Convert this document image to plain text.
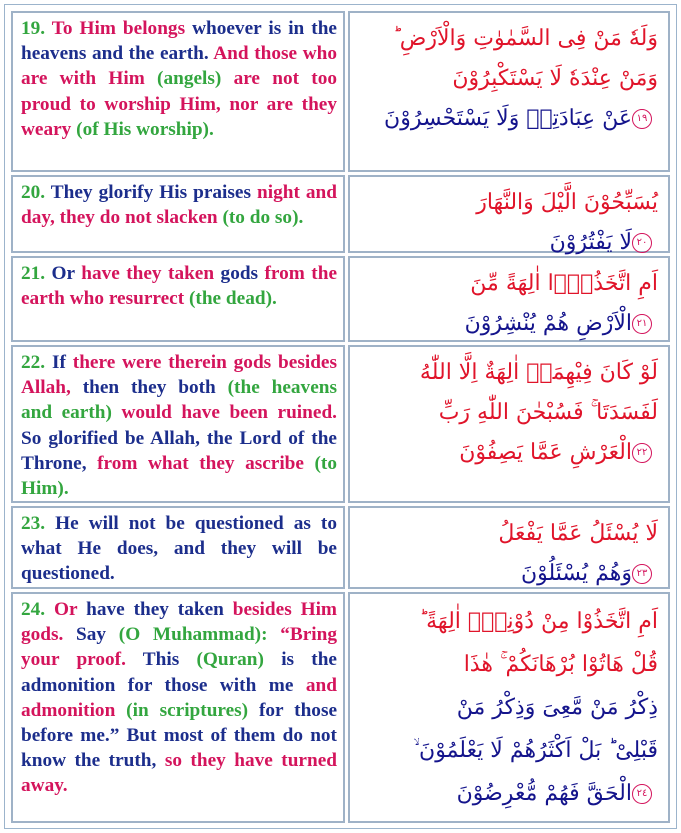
19. To Him belongs whoever is in the heavens and the earth. And those who are with Him (angels) are not too proud to worship Him, nor are they weary (of His worship).
وَلَهٗ مَنْ فِى السَّمٰوٰتِ وَالْاَرْضِ ؕ
وَمَنْ عِنْدَهٗ لَا يَسْتَكْبِرُوْنَ
١٩عَنْ عِبَادَتِهٖ وَلَا يَسْتَحْسِرُوْنَ
20. They glorify His praises night and day, they do not slacken (to do so).
يُسَبِّحُوْنَ الَّيْلَ وَالنَّهَارَ
٢٠لَا يَفْتُرُوْنَ
21. Or have they taken gods from the earth who resurrect (the dead).
اَمِ اتَّخَذُوْۤا اٰلِهَةً مِّنَ
٢١الْاَرْضِ هُمْ يُنْشِرُوْنَ
22. If there were therein gods besides Allah, then they both (the heavens and earth) would have been ruined. So glorified be Allah, the Lord of the Throne, from what they ascribe (to Him).
لَوْ كَانَ فِيْهِمَاۤ اٰلِهَةٌ اِلَّا اللّٰهُ
لَفَسَدَتَا ۚ فَسُبْحٰنَ اللّٰهِ رَبِّ
٢٢الْعَرْشِ عَمَّا يَصِفُوْنَ
23. He will not be questioned as to what He does, and they will be questioned.
لَا يُسْئَلُ عَمَّا يَفْعَلُ
٢٣وَهُمْ يُسْئَلُوْنَ
24. Or have they taken besides Him gods. Say (O Muhammad): “Bring your proof. This (Quran) is the admonition for those with me and admonition (in scriptures) for those before me.” But most of them do not know the truth, so they have turned away.
اَمِ اتَّخَذُوْا مِنْ دُوْنِهٖۤ اٰلِهَةً ؕ
قُلْ هَاتُوْا بُرْهَانَكُمْ ۚ هٰذَا
ذِكْرُ مَنْ مَّعِىَ وَذِكْرُ مَنْ
قَبْلِىْ ؕ بَلْ اَكْثَرُهُمْ لَا يَعْلَمُوْنَ ۙ
٢٤الْحَقَّ فَهُمْ مُّعْرِضُوْنَ
